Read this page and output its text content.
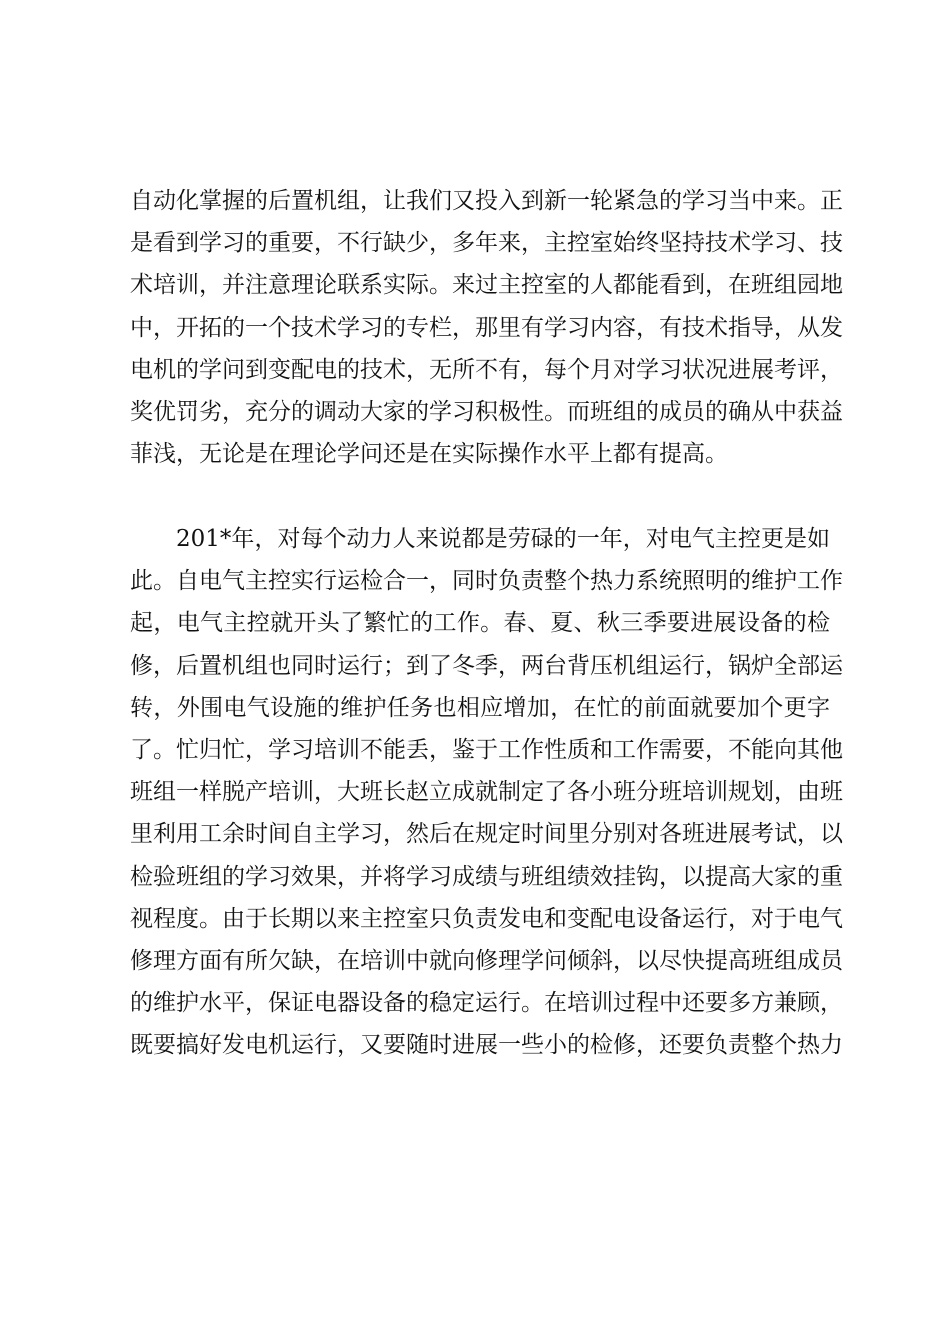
自动化掌握的后置机组，让我们又投入到新一轮紧急的学习当中来。正
是看到学习的重要，不行缺少，多年来，主控室始终坚持技术学习、技
术培训，并注意理论联系实际。来过主控室的人都能看到，在班组园地
中，开拓的一个技术学习的专栏，那里有学习内容，有技术指导，从发
电机的学问到变配电的技术，无所不有，每个月对学习状况进展考评，
奖优罚劣，充分的调动大家的学习积极性。而班组的成员的确从中获益
菲浅，无论是在理论学问还是在实际操作水平上都有提高。
201*年，对每个动力人来说都是劳碌的一年，对电气主控更是如
此。自电气主控实行运检合一，同时负责整个热力系统照明的维护工作
起，电气主控就开头了繁忙的工作。春、夏、秋三季要进展设备的检
修，后置机组也同时运行；到了冬季，两台背压机组运行，锅炉全部运
转，外围电气设施的维护任务也相应增加，在忙的前面就要加个更字
了。忙归忙，学习培训不能丢，鉴于工作性质和工作需要，不能向其他
班组一样脱产培训，大班长赵立成就制定了各小班分班培训规划，由班
里利用工余时间自主学习，然后在规定时间里分别对各班进展考试，以
检验班组的学习效果，并将学习成绩与班组绩效挂钩，以提高大家的重
视程度。由于长期以来主控室只负责发电和变配电设备运行，对于电气
修理方面有所欠缺，在培训中就向修理学问倾斜，以尽快提高班组成员
的维护水平，保证电器设备的稳定运行。在培训过程中还要多方兼顾，
既要搞好发电机运行，又要随时进展一些小的检修，还要负责整个热力
